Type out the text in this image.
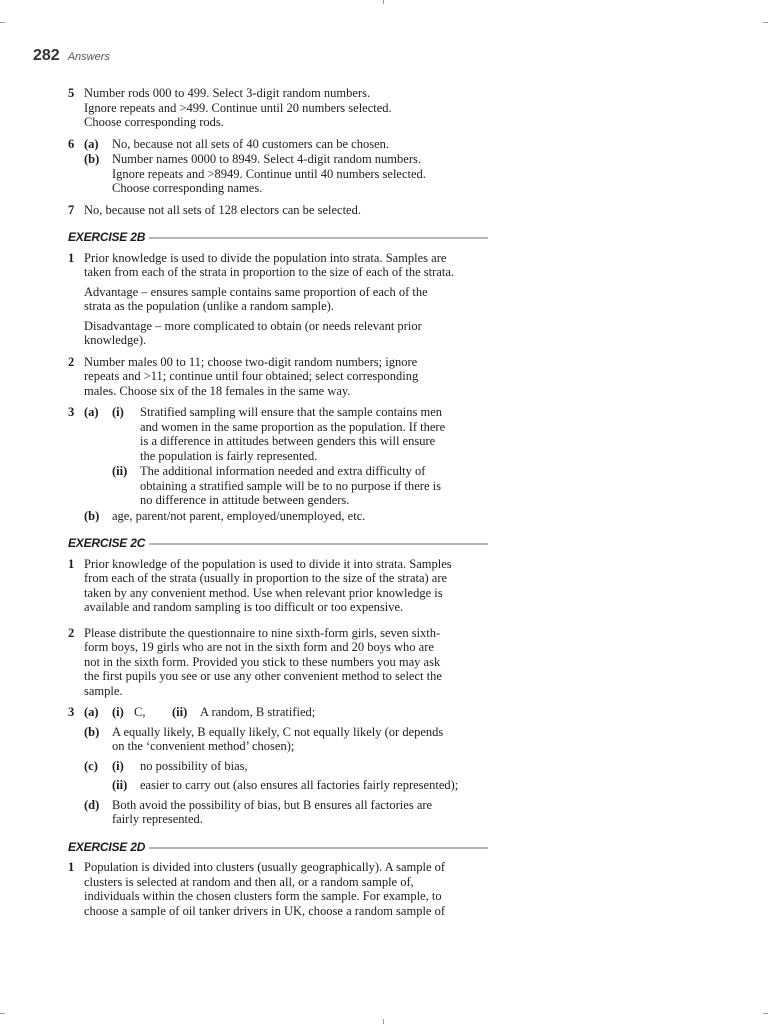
282 Answers
5 Number rods 000 to 499. Select 3-digit random numbers.
Ignore repeats and >499. Continue until 20 numbers selected.
Choose corresponding rods.
6 (a)	No, because not all sets of 40 customers can be chosen.
(b)	Number names 0000 to 8949. Select 4-digit random numbers.
Ignore repeats and >8949. Continue until 40 numbers selected.
Choose corresponding names.
7 No, because not all sets of 128 electors can be selected.
EXERCISE 2B
1 Prior knowledge is used to divide the population into strata. Samples are
taken from each of the strata in proportion to the size of each of the strata.
Advantage – ensures sample contains same proportion of each of the
strata as the population (unlike a random sample).
Disadvantage – more complicated to obtain (or needs relevant prior
knowledge).
2 Number males 00 to 11; choose two-digit random numbers; ignore
repeats and >11; continue until four obtained; select corresponding
males. Choose six of the 18 females in the same way.
3 (a)	(i)	Stratified sampling will ensure that the sample contains men
and women in the same proportion as the population. If there
is a difference in attitudes between genders this will ensure
the population is fairly represented.
(ii)	The additional information needed and extra difficulty of
obtaining a stratified sample will be to no purpose if there is
no difference in attitude between genders.
(b)	age, parent/not parent, employed/unemployed, etc.
EXERCISE 2C
1 Prior knowledge of the population is used to divide it into strata. Samples
from each of the strata (usually in proportion to the size of the strata) are
taken by any convenient method. Use when relevant prior knowledge is
available and random sampling is too difficult or too expensive.
2 Please distribute the questionnaire to nine sixth-form girls, seven sixth-
form boys, 19 girls who are not in the sixth form and 20 boys who are
not in the sixth form. Provided you stick to these numbers you may ask
the first pupils you see or use any other convenient method to select the
sample.
3 (a)	(i) C, (ii) A random, B stratified;
(b)	A equally likely, B equally likely, C not equally likely (or depends
on the ‘convenient method’ chosen);
(c)	(i)	no possibility of bias,
(ii)	easier to carry out (also ensures all factories fairly represented);
(d)	Both avoid the possibility of bias, but B ensures all factories are
fairly represented.
EXERCISE 2D
1 Population is divided into clusters (usually geographically). A sample of
clusters is selected at random and then all, or a random sample of,
individuals within the chosen clusters form the sample. For example, to
choose a sample of oil tanker drivers in UK, choose a random sample of
